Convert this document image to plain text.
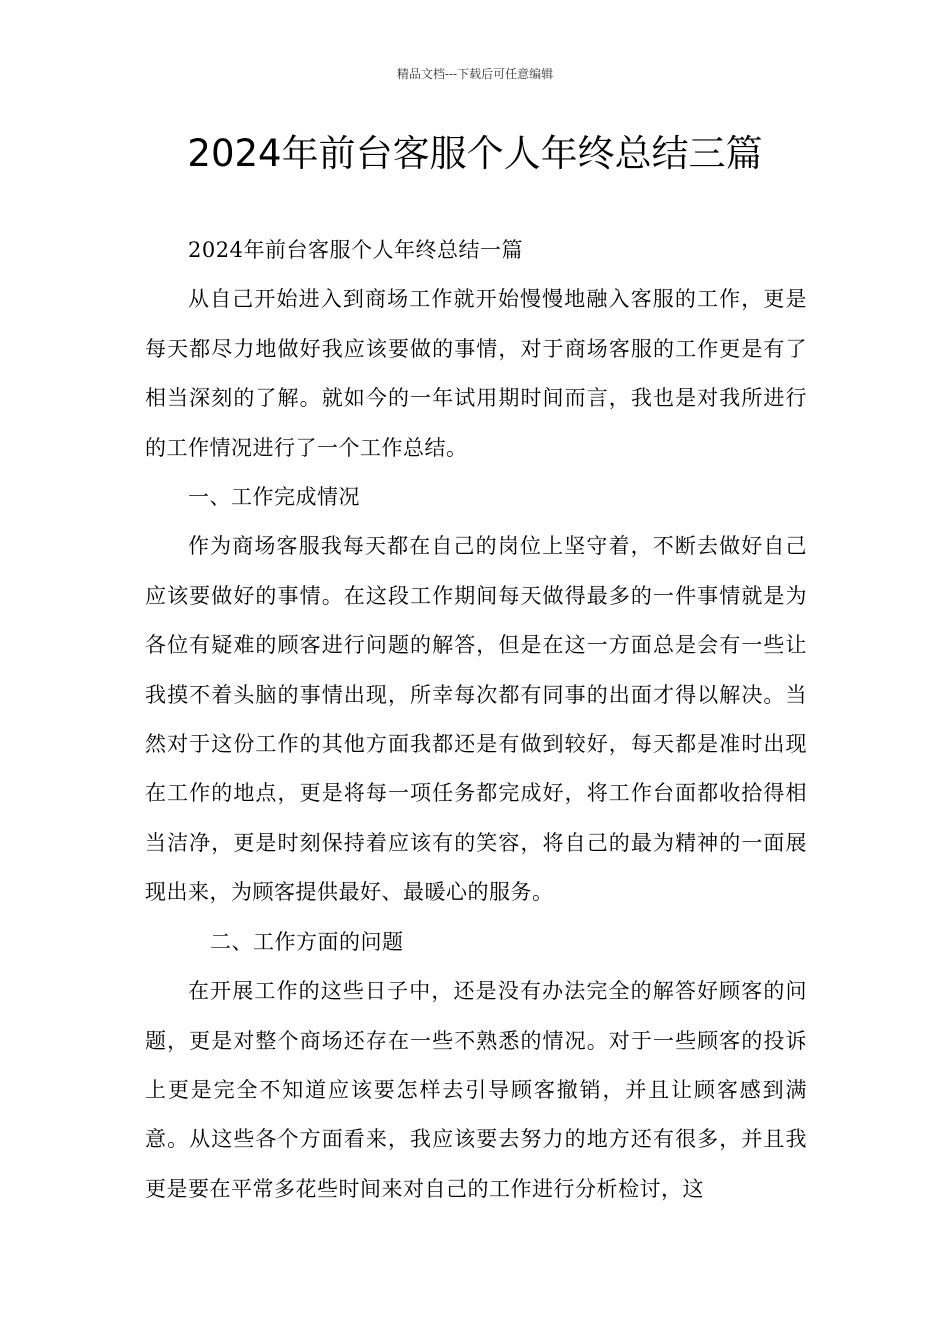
精品文档---下载后可任意编辑
2024年前台客服个人年终总结三篇

2024年前台客服个人年终总结一篇

从自己开始进入到商场工作就开始慢慢地融入客服的工作，更是每天都尽力地做好我应该要做的事情，对于商场客服的工作更是有了相当深刻的了解。就如今的一年试用期时间而言，我也是对我所进行的工作情况进行了一个工作总结。

一、工作完成情况

作为商场客服我每天都在自己的岗位上坚守着，不断去做好自己应该要做好的事情。在这段工作期间每天做得最多的一件事情就是为各位有疑难的顾客进行问题的解答，但是在这一方面总是会有一些让我摸不着头脑的事情出现，所幸每次都有同事的出面才得以解决。当然对于这份工作的其他方面我都还是有做到较好，每天都是准时出现在工作的地点，更是将每一项任务都完成好，将工作台面都收拾得相当洁净，更是时刻保持着应该有的笑容，将自己的最为精神的一面展现出来，为顾客提供最好、最暖心的服务。

二、工作方面的问题

在开展工作的这些日子中，还是没有办法完全的解答好顾客的问题，更是对整个商场还存在一些不熟悉的情况。对于一些顾客的投诉上更是完全不知道应该要怎样去引导顾客撤销，并且让顾客感到满意。从这些各个方面看来，我应该要去努力的地方还有很多，并且我更是要在平常多花些时间来对自己的工作进行分析检讨，这
